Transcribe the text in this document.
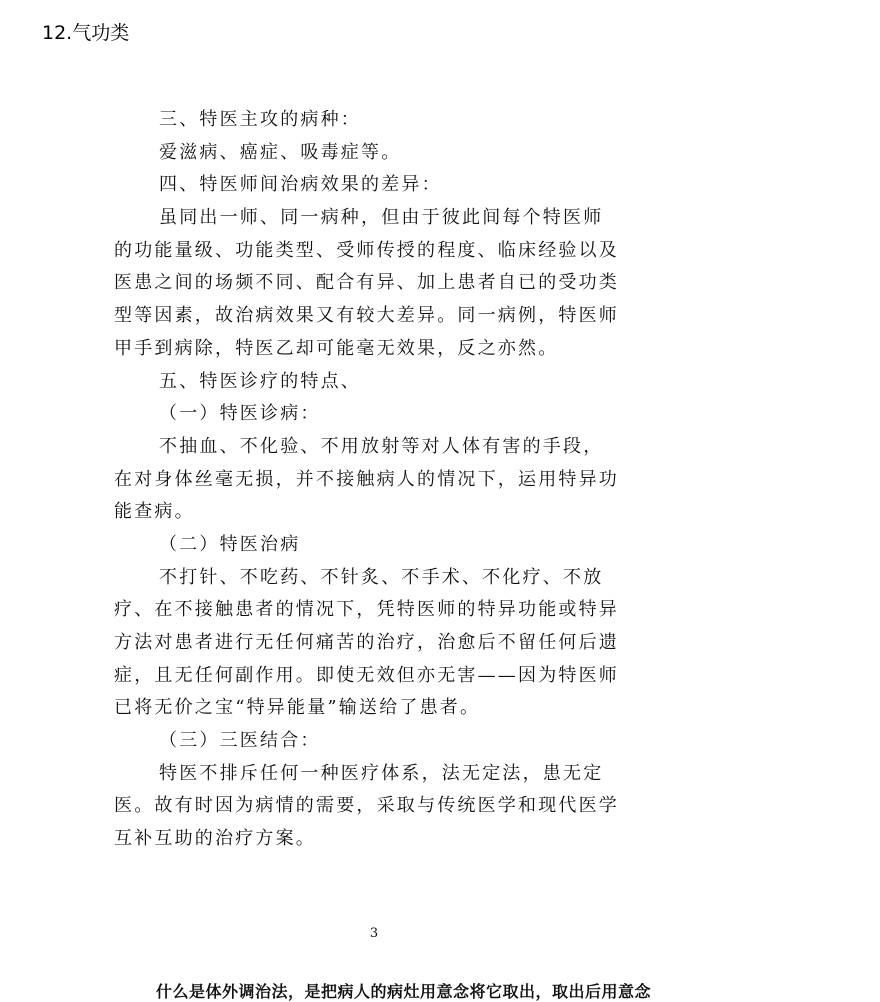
12.气功类
三、特医主攻的病种：
爱滋病、癌症、吸毒症等。
四、特医师间治病效果的差异：
虽同出一师、同一病种，但由于彼此间每个特医师
的功能量级、功能类型、受师传授的程度、临床经验以及
医患之间的场频不同、配合有异、加上患者自已的受功类
型等因素，故治病效果又有较大差异。同一病例，特医师
甲手到病除，特医乙却可能毫无效果，反之亦然。
五、特医诊疗的特点、
（一）特医诊病：
不抽血、不化验、不用放射等对人体有害的手段，
在对身体丝毫无损，并不接触病人的情况下，运用特异功
能查病。
（二）特医治病
不打针、不吃药、不针炙、不手术、不化疗、不放
疗、在不接触患者的情况下，凭特医师的特异功能或特异
方法对患者进行无任何痛苦的治疗，治愈后不留任何后遗
症，且无任何副作用。即使无效但亦无害——因为特医师
已将无价之宝“特异能量”输送给了患者。
（三）三医结合：
特医不排斥任何一种医疗体系，法无定法，患无定
医。故有时因为病情的需要，采取与传统医学和现代医学
互补互助的治疗方案。
3
什么是体外调治法，是把病人的病灶用意念将它取出，取出后用意念
